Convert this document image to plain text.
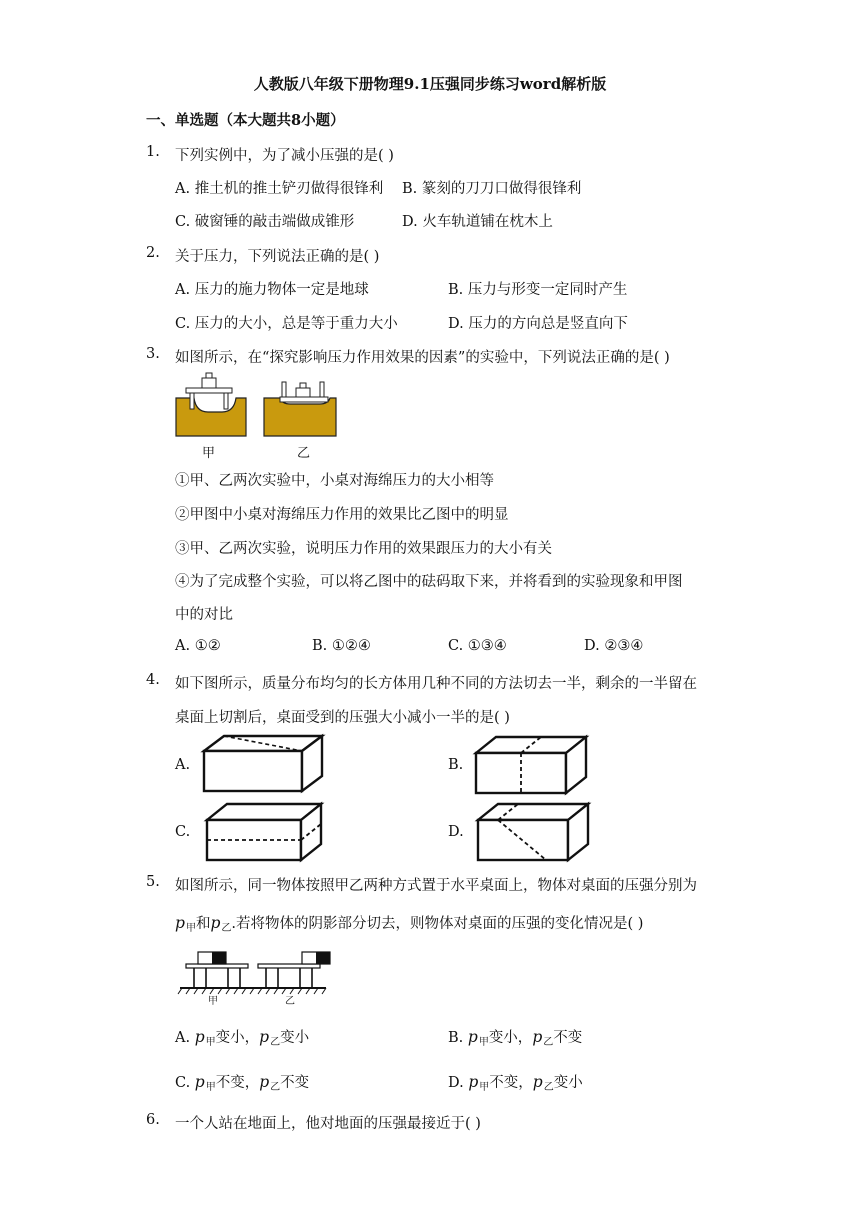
人教版八年级下册物理9.1压强同步练习word解析版
一、单选题（本大题共8小题）
1. 下列实例中，为了减小压强的是( )
A. 推土机的推土铲刃做得很锋利 B. 篆刻的刀刀口做得很锋利
C. 破窗锤的敲击端做成锥形	D. 火车轨道铺在枕木上
2. 关于压力，下列说法正确的是( )
A. 压力的施力物体一定是地球	B. 压力与形变一定同时产生
C. 压力的大小，总是等于重力大小	D. 压力的方向总是竖直向下
3. 如图所示，在“探究影响压力作用效果的因素”的实验中，下列说法正确的是( )
甲	乙
①甲、乙两次实验中，小桌对海绵压力的大小相等
②甲图中小桌对海绵压力作用的效果比乙图中的明显
③甲、乙两次实验，说明压力作用的效果跟压力的大小有关
④为了完成整个实验，可以将乙图中的砝码取下来，并将看到的实验现象和甲图
中的对比
A. ①②	B. ①②④	C. ①③④	D. ②③④
4. 如下图所示，质量分布均匀的长方体用几种不同的方法切去一半，剩余的一半留在
桌面上切割后，桌面受到的压强大小减小一半的是( )
A.	B.
C.	D.
5. 如图所示，同一物体按照甲乙两种方式置于水平桌面上，物体对桌面的压强分别为
$p_甲$和$p_乙$.若将物体的阴影部分切去，则物体对桌面的压强的变化情况是( )
甲	乙
A. $p_甲$变小，$p_乙$变小	B. $p_甲$变小，$p_乙$不变
C. $p_甲$不变，$p_乙$不变	D. $p_甲$不变，$p_乙$变小
6. 一个人站在地面上，他对地面的压强最接近于( )
